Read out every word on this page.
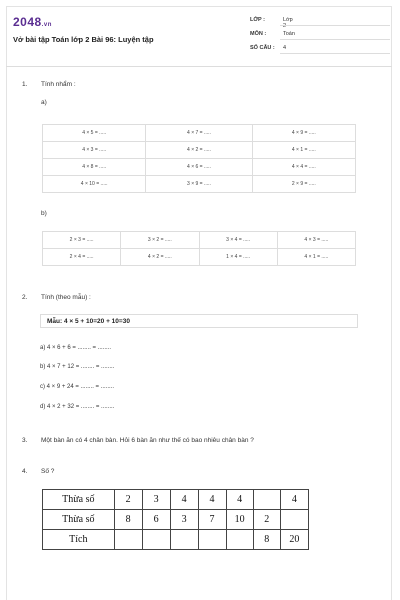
2048.vn
Vở bài tập Toán lớp 2 Bài 96: Luyện tập
LỚP :	Lớp 2
MÔN :	Toán
SỐ CÂU :	4
1. Tính nhẩm :
a)
4 × 5 = .....	4 × 7 = .....	4 × 9 = .....
4 × 3 = .....	4 × 2 = .....	4 × 1 = .....
4 × 8 = .....	4 × 6 = .....	4 × 4 = .....
4 × 10 = .....	3 × 9 = .....	2 × 9 = .....
b)
2 × 3 = .....	3 × 2 = .....	3 × 4 = .....	4 × 3 = .....
2 × 4 = .....	4 × 2 = .....	1 × 4 = .....	4 × 1 = .....
2. Tính (theo mẫu) :
Mẫu: 4 × 5 + 10=20 + 10=30
a) 4 × 6 + 6 = ........ = ........
b) 4 × 7 + 12 = ........ = ........
c) 4 × 9 + 24 = ........ = ........
d) 4 × 2 + 32 = ........ = ........
3. Một bàn ăn có 4 chân bàn. Hỏi 6 bàn ăn như thế có bao nhiêu chân bàn ?
4. Số ?
Thừa số	2	3	4	4	4		4
Thừa số	8	6	3	7	10	2	
Tích						8	20
